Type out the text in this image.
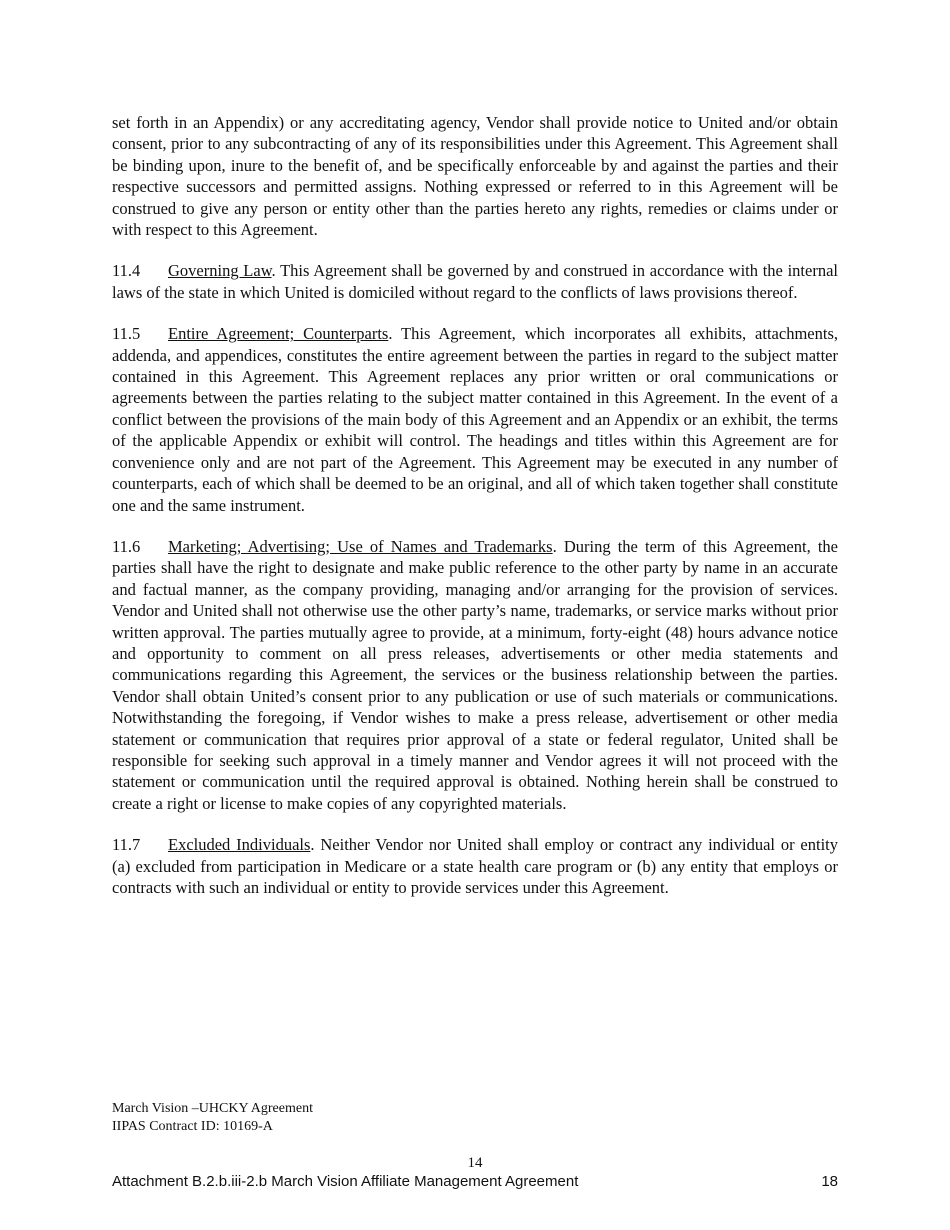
set forth in an Appendix) or any accreditating agency, Vendor shall provide notice to United and/or obtain consent, prior to any subcontracting of any of its responsibilities under this Agreement. This Agreement shall be binding upon, inure to the benefit of, and be specifically enforceable by and against the parties and their respective successors and permitted assigns. Nothing expressed or referred to in this Agreement will be construed to give any person or entity other than the parties hereto any rights, remedies or claims under or with respect to this Agreement.

11.4 Governing Law. This Agreement shall be governed by and construed in accordance with the internal laws of the state in which United is domiciled without regard to the conflicts of laws provisions thereof.

11.5 Entire Agreement; Counterparts. This Agreement, which incorporates all exhibits, attachments, addenda, and appendices, constitutes the entire agreement between the parties in regard to the subject matter contained in this Agreement. This Agreement replaces any prior written or oral communications or agreements between the parties relating to the subject matter contained in this Agreement. In the event of a conflict between the provisions of the main body of this Agreement and an Appendix or an exhibit, the terms of the applicable Appendix or exhibit will control. The headings and titles within this Agreement are for convenience only and are not part of the Agreement. This Agreement may be executed in any number of counterparts, each of which shall be deemed to be an original, and all of which taken together shall constitute one and the same instrument.

11.6 Marketing; Advertising; Use of Names and Trademarks. During the term of this Agreement, the parties shall have the right to designate and make public reference to the other party by name in an accurate and factual manner, as the company providing, managing and/or arranging for the provision of services. Vendor and United shall not otherwise use the other party’s name, trademarks, or service marks without prior written approval. The parties mutually agree to provide, at a minimum, forty-eight (48) hours advance notice and opportunity to comment on all press releases, advertisements or other media statements and communications regarding this Agreement, the services or the business relationship between the parties. Vendor shall obtain United’s consent prior to any publication or use of such materials or communications. Notwithstanding the foregoing, if Vendor wishes to make a press release, advertisement or other media statement or communication that requires prior approval of a state or federal regulator, United shall be responsible for seeking such approval in a timely manner and Vendor agrees it will not proceed with the statement or communication until the required approval is obtained. Nothing herein shall be construed to create a right or license to make copies of any copyrighted materials.

11.7 Excluded Individuals. Neither Vendor nor United shall employ or contract any individual or entity (a) excluded from participation in Medicare or a state health care program or (b) any entity that employs or contracts with such an individual or entity to provide services under this Agreement.

March Vision –UHCKY Agreement
IIPAS Contract ID: 10169-A
14
Attachment B.2.b.iii-2.b March Vision Affiliate Management Agreement	18
